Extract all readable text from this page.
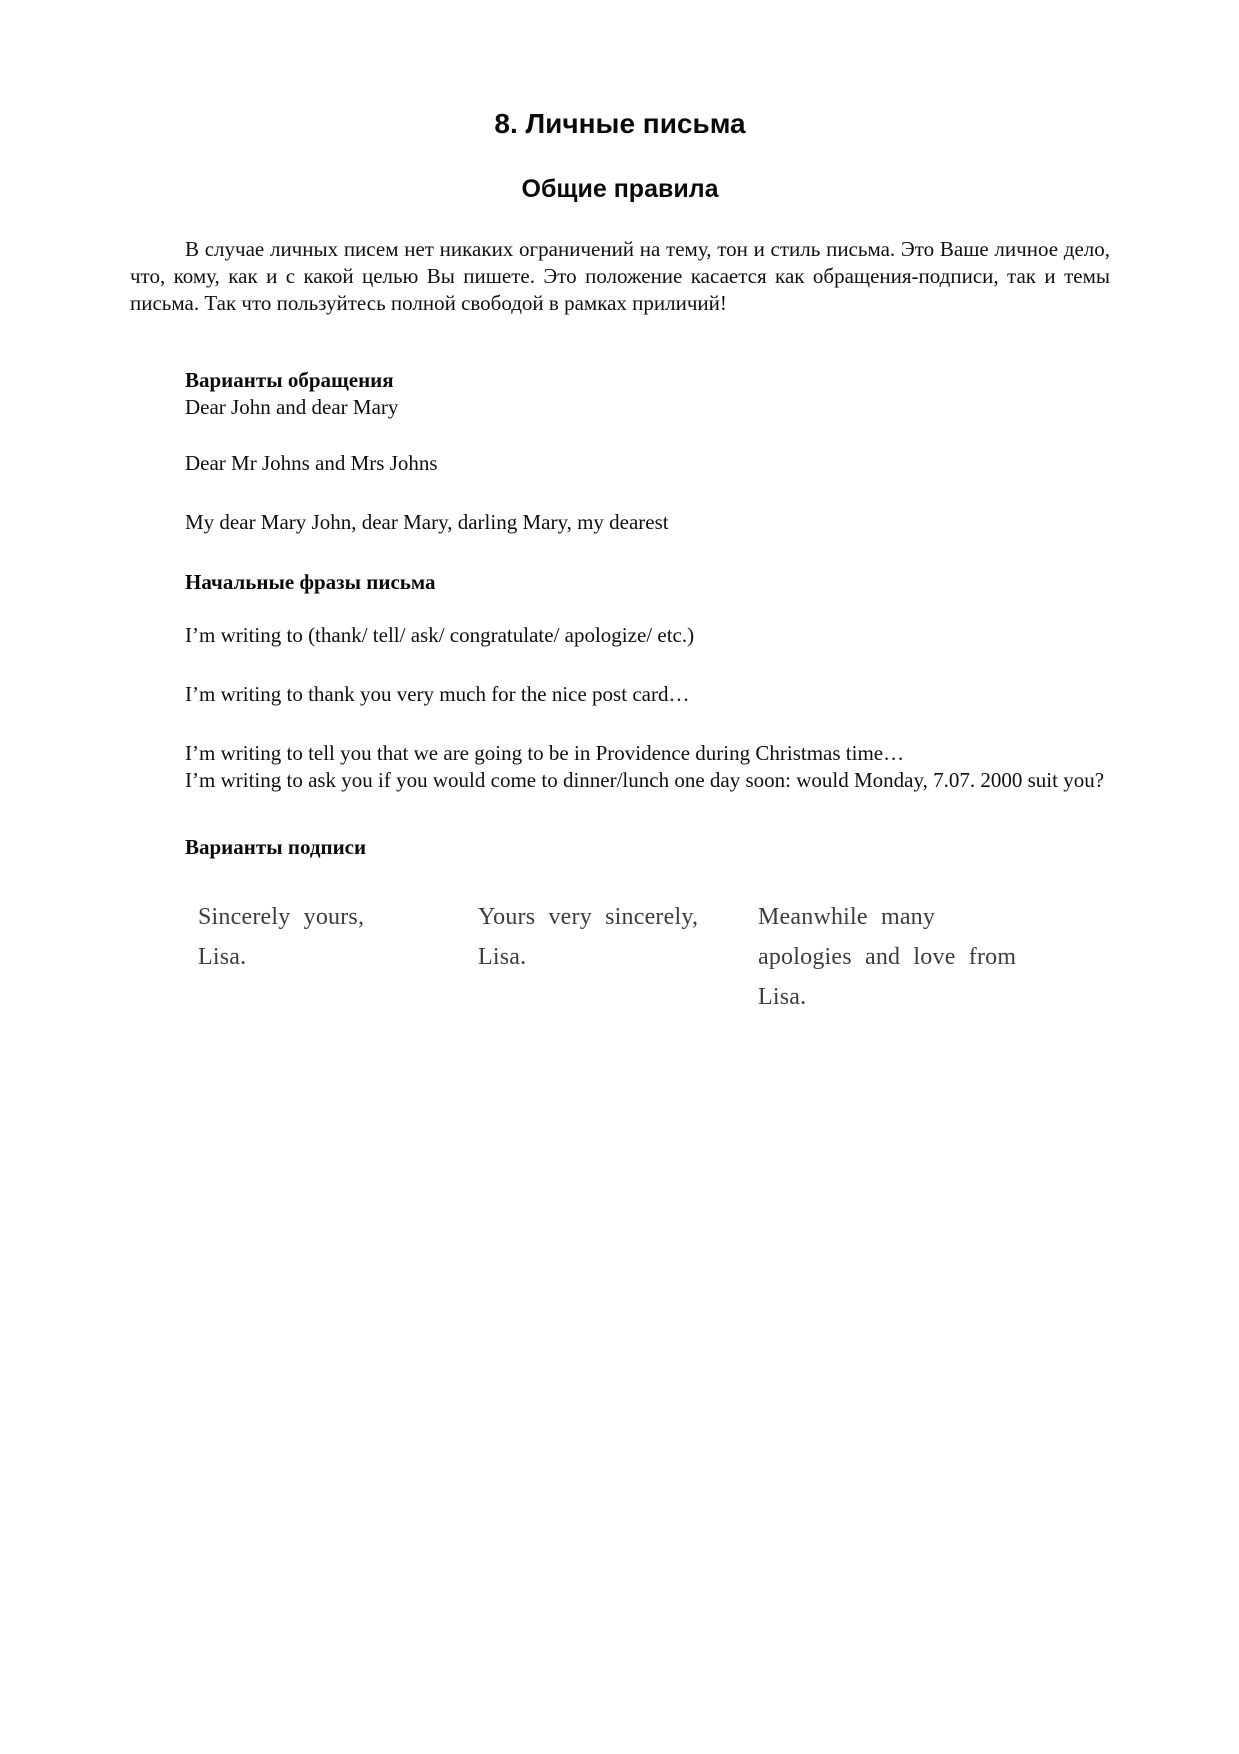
8. Личные письма
Общие правила

В случае личных писем нет никаких ограничений на тему, тон и стиль письма. Это Ваше личное дело, что, кому, как и с какой целью Вы пишете. Это положение касается как обращения-подписи, так и темы письма. Так что пользуйтесь полной свободой в рамках приличий!

Варианты обращения

Dear John and dear Mary

Dear Mr Johns and Mrs Johns

My dear Mary John, dear Mary, darling Mary, my dearest

Начальные фразы письма

I’m writing to (thank/ tell/ ask/ congratulate/ apologize/ etc.)

I’m writing to thank you very much for the nice post card…

I’m writing to tell you that we are going to be in Providence during Christmas time…

I’m writing to ask you if you would come to dinner/lunch one day soon: would Monday, 7.07. 2000 suit you?

Варианты подписи
Sincerely yours,
Lisa.
Yours very sincerely,
Lisa.
Meanwhile many
apologies and love from
Lisa.
